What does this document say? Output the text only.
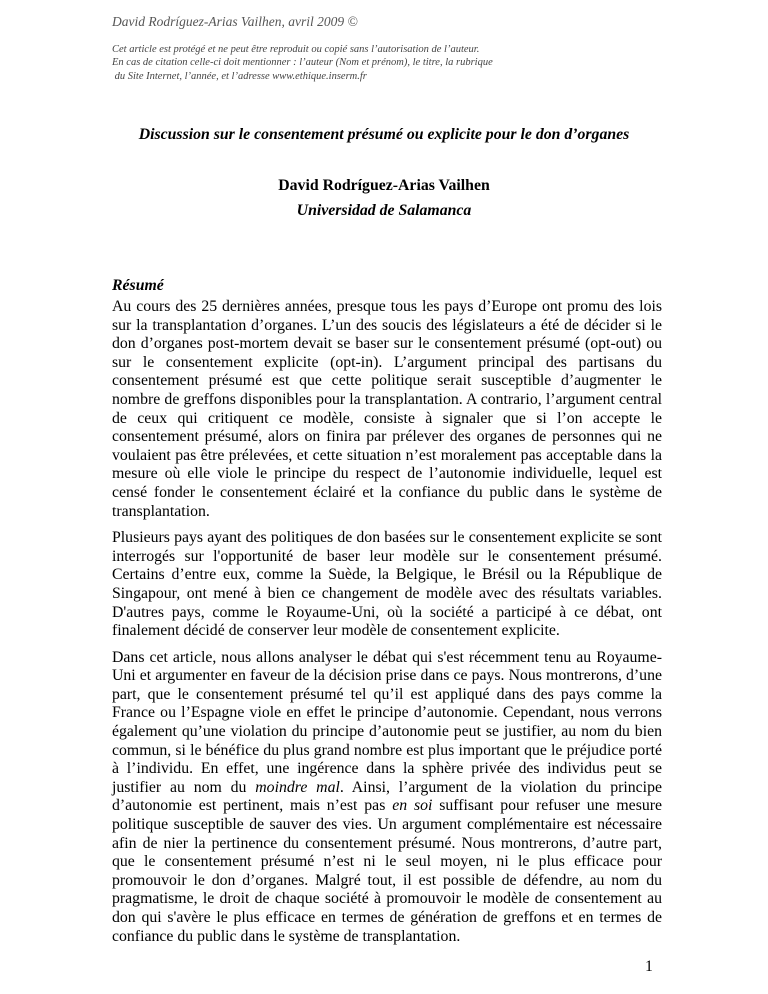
David Rodríguez-Arias Vailhen, avril 2009 ©
Cet article est protégé et ne peut être reproduit ou copié sans l’autorisation de l’auteur.
En cas de citation celle-ci doit mentionner : l’auteur (Nom et prénom), le titre, la rubrique
du Site Internet, l’année, et l’adresse www.ethique.inserm.fr
Discussion sur le consentement présumé ou explicite pour le don d’organes
David Rodríguez-Arias Vailhen
Universidad de Salamanca
Résumé

Au cours des 25 dernières années, presque tous les pays d’Europe ont promu des lois sur la transplantation d’organes. L’un des soucis des législateurs a été de décider si le don d’organes post-mortem devait se baser sur le consentement présumé (opt-out) ou sur le consentement explicite (opt-in). L’argument principal des partisans du consentement présumé est que cette politique serait susceptible d’augmenter le nombre de greffons disponibles pour la transplantation. A contrario, l’argument central de ceux qui critiquent ce modèle, consiste à signaler que si l’on accepte le consentement présumé, alors on finira par prélever des organes de personnes qui ne voulaient pas être prélevées, et cette situation n’est moralement pas acceptable dans la mesure où elle viole le principe du respect de l’autonomie individuelle, lequel est censé fonder le consentement éclairé et la confiance du public dans le système de transplantation.

Plusieurs pays ayant des politiques de don basées sur le consentement explicite se sont interrogés sur l'opportunité de baser leur modèle sur le consentement présumé. Certains d’entre eux, comme la Suède, la Belgique, le Brésil ou la République de Singapour, ont mené à bien ce changement de modèle avec des résultats variables. D'autres pays, comme le Royaume-Uni, où la société a participé à ce débat, ont finalement décidé de conserver leur modèle de consentement explicite.

Dans cet article, nous allons analyser le débat qui s'est récemment tenu au Royaume-Uni et argumenter en faveur de la décision prise dans ce pays. Nous montrerons, d’une part, que le consentement présumé tel qu’il est appliqué dans des pays comme la France ou l’Espagne viole en effet le principe d’autonomie. Cependant, nous verrons également qu’une violation du principe d’autonomie peut se justifier, au nom du bien commun, si le bénéfice du plus grand nombre est plus important que le préjudice porté à l’individu. En effet, une ingérence dans la sphère privée des individus peut se justifier au nom du moindre mal. Ainsi, l’argument de la violation du principe d’autonomie est pertinent, mais n’est pas en soi suffisant pour refuser une mesure politique susceptible de sauver des vies. Un argument complémentaire est nécessaire afin de nier la pertinence du consentement présumé. Nous montrerons, d’autre part, que le consentement présumé n’est ni le seul moyen, ni le plus efficace pour promouvoir le don d’organes. Malgré tout, il est possible de défendre, au nom du pragmatisme, le droit de chaque société à promouvoir le modèle de consentement au don qui s'avère le plus efficace en termes de génération de greffons et en termes de confiance du public dans le système de transplantation.

1
